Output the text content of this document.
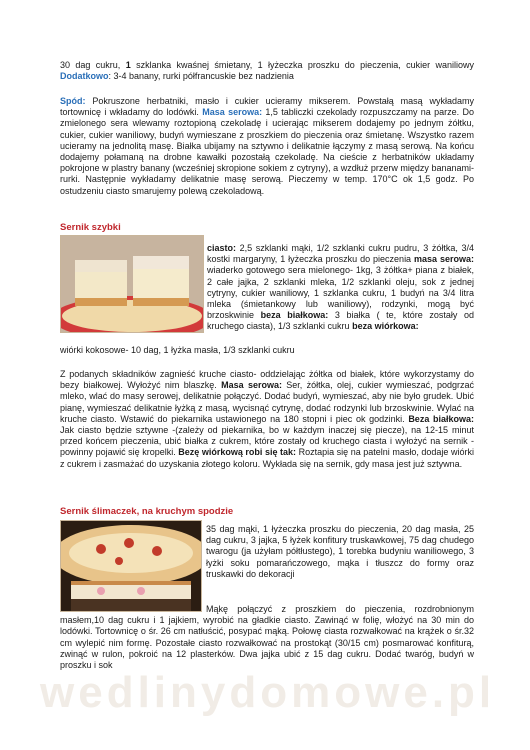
30 dag cukru, 1 szklanka kwaśnej śmietany, 1 łyżeczka proszku do pieczenia, cukier waniliowy Dodatkowo: 3-4 banany, rurki półfrancuskie bez nadzienia
Spód: Pokruszone herbatniki, masło i cukier ucieramy mikserem. Powstałą masą wykładamy tortownicę i wkładamy do lodówki. Masa serowa: 1,5 tabliczki czekolady rozpuszczamy na parze. Do zmielonego sera wlewamy roztopioną czekoladę i ucierając mikserem dodajemy po jednym żółtku, cukier, cukier waniliowy, budyń wymieszane z proszkiem do pieczenia oraz śmietanę. Wszystko razem ucieramy na jednolitą masę. Białka ubijamy na sztywno i delikatnie łączymy z masą serową. Na końcu dodajemy połamaną na drobne kawałki pozostałą czekoladę. Na cieście z herbatników układamy pokrojone w plastry banany (wcześniej skropione sokiem z cytryny), a wzdłuż przerw między bananami- rurki. Następnie wykładamy delikatnie masę serową. Pieczemy w temp. 170°C ok 1,5 godz. Po ostudzeniu ciasto smarujemy polewą czekoladową.
Sernik szybki
ciasto: 2,5 szklanki mąki, 1/2 szklanki cukru pudru, 3 żółtka, 3/4 kostki margaryny, 1 łyżeczka proszku do pieczenia masa serowa: wiaderko gotowego sera mielonego- 1kg, 3 żółtka+ piana z białek, 2 całe jajka, 2 szklanki mleka, 1/2 szklanki oleju, sok z jednej cytryny, cukier waniliowy, 1 szklanka cukru, 1 budyń na 3/4 litra mleka (śmietankowy lub waniliowy), rodzynki, mogą być brzoskwinie beza białkowa: 3 białka ( te, które zostały od kruchego ciasta), 1/3 szklanki cukru beza wiórkowa:
wiórki kokosowe- 10 dag, 1 łyżka masła, 1/3 szklanki cukru
Z podanych składników zagnieść kruche ciasto- oddzielając żółtka od białek, które wykorzystamy do bezy białkowej. Wyłożyć nim blaszkę. Masa serowa: Ser, żółtka, olej, cukier wymieszać, podgrzać mleko, wlać do masy serowej, delikatnie połączyć. Dodać budyń, wymieszać, aby nie było grudek. Ubić pianę, wymieszać delikatnie łyżką z masą, wycisnąć cytrynę, dodać rodzynki lub brzoskwinie. Wylać na kruche ciasto. Wstawić do piekarnika ustawionego na 180 stopni i piec ok godzinki. Beza białkowa: Jak ciasto będzie sztywne -(zależy od piekarnika, bo w każdym inaczej się piecze), na 12-15 minut przed końcem pieczenia, ubić białka z cukrem, które zostały od kruchego ciasta i wyłożyć na sernik - powinny pojawić się kropelki. Bezę wiórkową robi się tak: Roztapia się na patelni masło, dodaje wiórki z cukrem i zasmażać do uzyskania złotego koloru. Wykłada się na sernik, gdy masa jest już sztywna.
Sernik ślimaczek, na kruchym spodzie
35 dag mąki, 1 łyżeczka proszku do pieczenia, 20 dag masła, 25 dag cukru, 3 jajka, 5 łyżek konfitury truskawkowej, 75 dag chudego twarogu (ja użyłam półtłustego), 1 torebka budyniu waniliowego, 3 łyżki soku pomarańczowego, mąka i tłuszcz do formy oraz truskawki do dekoracji
Mąkę połączyć z proszkiem do pieczenia, rozdrobnionym masłem,10 dag cukru i 1 jajkiem, wyrobić na gładkie ciasto. Zawinąć w folię, włożyć na 30 min do lodówki. Tortownicę o śr. 26 cm natłuścić, posypać mąką. Połowę ciasta rozwałkować na krążek o śr.32 cm wylepić nim formę. Pozostałe ciasto rozwałkować na prostokąt (30/15 cm) posmarować konfiturą, zwinąć w rulon, pokroić na 12 plasterków. Dwa jajka ubić z 15 dag cukru. Dodać twaróg, budyń w proszku i sok
wedlinydomowe.pl
